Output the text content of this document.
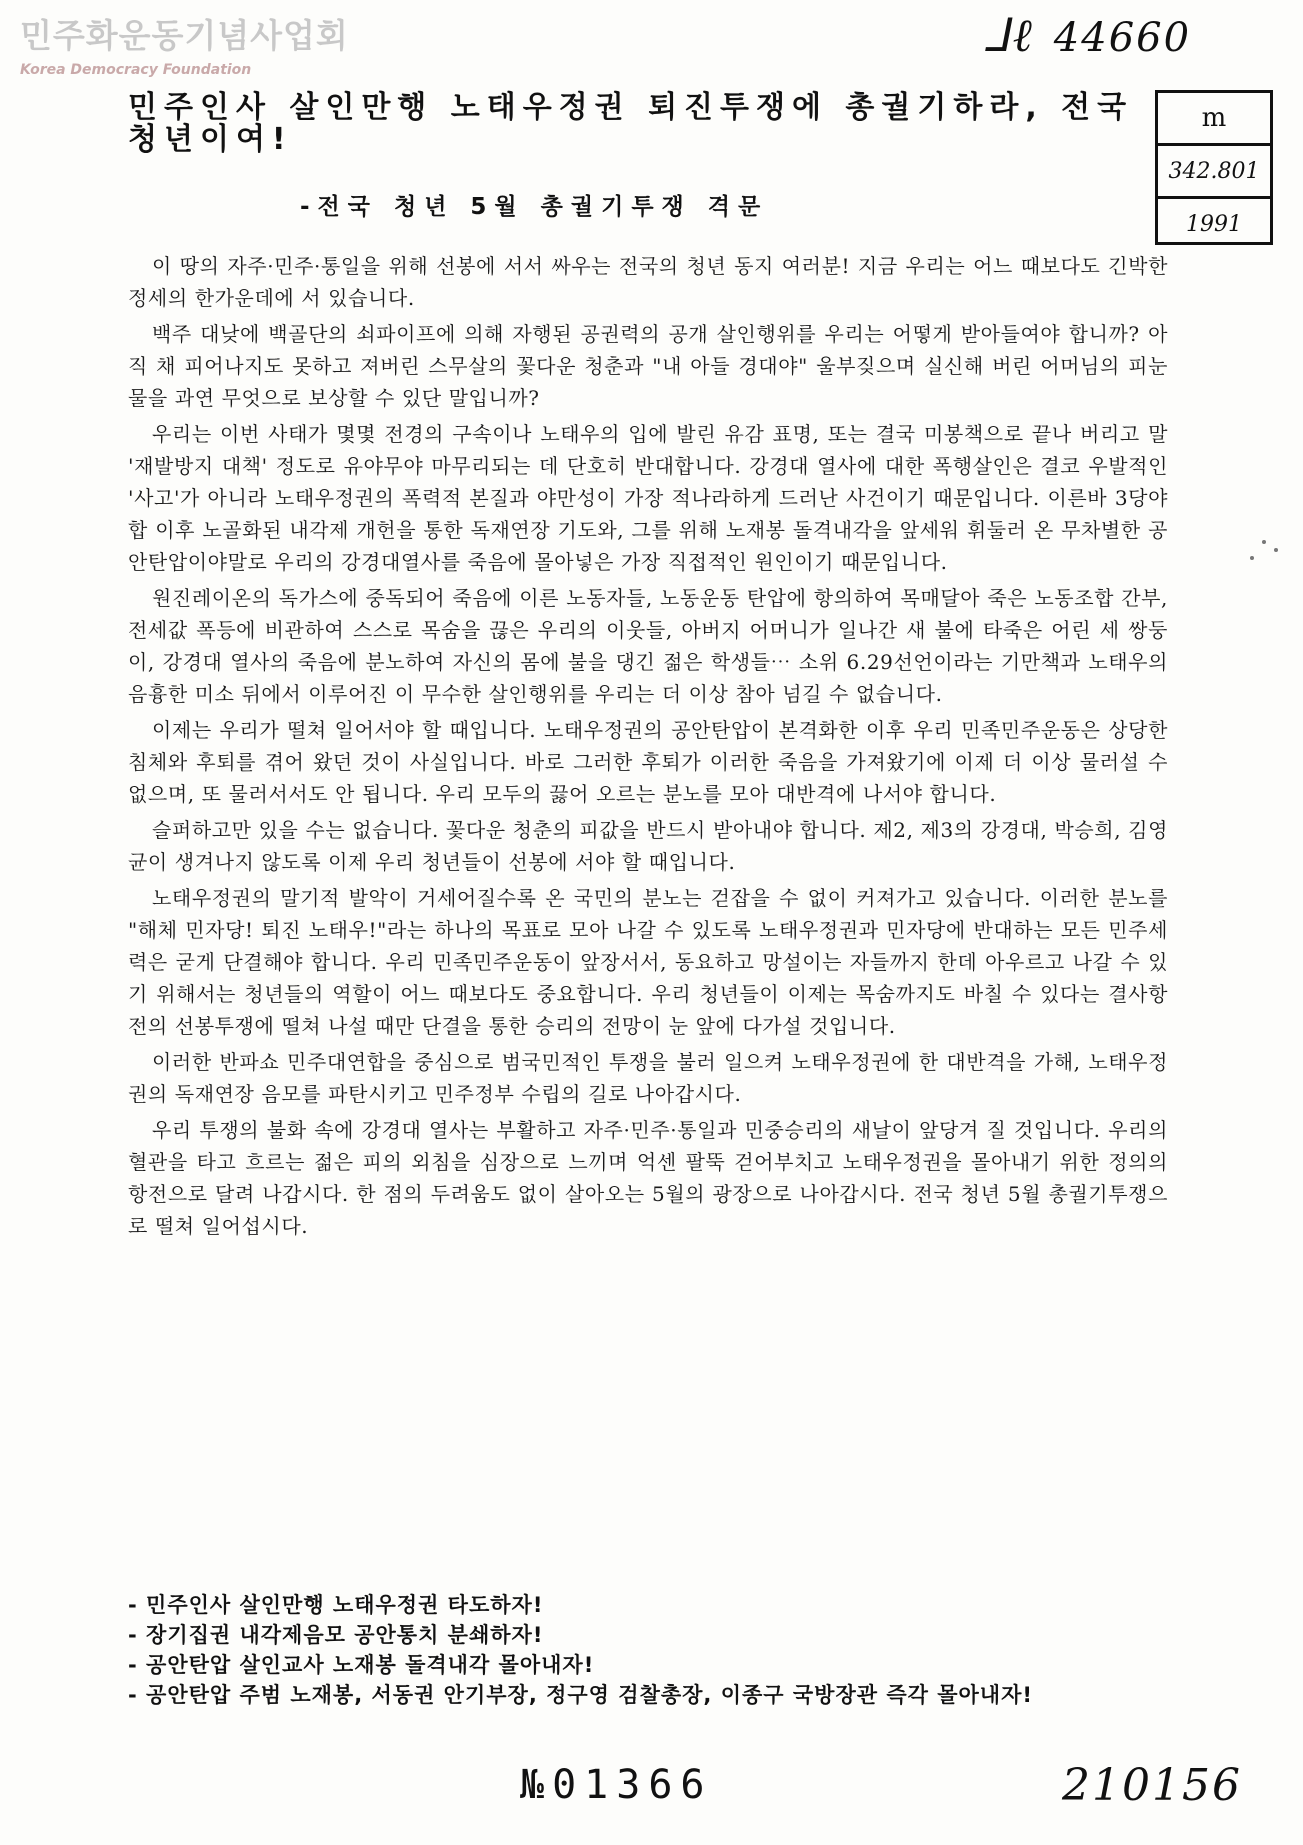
민주화운동기념사업회
Korea Democracy Foundation
⅃ℓ 44660
m
342.801
1991
민주인사 살인만행 노태우정권 퇴진투쟁에 총궐기하라, 전국 청년이여!
-전국 청년 5월 총궐기투쟁 격문

이 땅의 자주·민주·통일을 위해 선봉에 서서 싸우는 전국의 청년 동지 여러분! 지금 우리는 어느 때보다도 긴박한 정세의 한가운데에 서 있습니다.

백주 대낮에 백골단의 쇠파이프에 의해 자행된 공권력의 공개 살인행위를 우리는 어떻게 받아들여야 합니까? 아직 채 피어나지도 못하고 져버린 스무살의 꽃다운 청춘과 "내 아들 경대야" 울부짖으며 실신해 버린 어머님의 피눈물을 과연 무엇으로 보상할 수 있단 말입니까?

우리는 이번 사태가 몇몇 전경의 구속이나 노태우의 입에 발린 유감 표명, 또는 결국 미봉책으로 끝나 버리고 말 '재발방지 대책' 정도로 유야무야 마무리되는 데 단호히 반대합니다. 강경대 열사에 대한 폭행살인은 결코 우발적인 '사고'가 아니라 노태우정권의 폭력적 본질과 야만성이 가장 적나라하게 드러난 사건이기 때문입니다. 이른바 3당야합 이후 노골화된 내각제 개헌을 통한 독재연장 기도와, 그를 위해 노재봉 돌격내각을 앞세워 휘둘러 온 무차별한 공안탄압이야말로 우리의 강경대열사를 죽음에 몰아넣은 가장 직접적인 원인이기 때문입니다.

원진레이온의 독가스에 중독되어 죽음에 이른 노동자들, 노동운동 탄압에 항의하여 목매달아 죽은 노동조합 간부, 전세값 폭등에 비관하여 스스로 목숨을 끊은 우리의 이웃들, 아버지 어머니가 일나간 새 불에 타죽은 어린 세 쌍둥이, 강경대 열사의 죽음에 분노하여 자신의 몸에 불을 댕긴 젊은 학생들⋯ 소위 6.29선언이라는 기만책과 노태우의 음흉한 미소 뒤에서 이루어진 이 무수한 살인행위를 우리는 더 이상 참아 넘길 수 없습니다.

이제는 우리가 떨쳐 일어서야 할 때입니다. 노태우정권의 공안탄압이 본격화한 이후 우리 민족민주운동은 상당한 침체와 후퇴를 겪어 왔던 것이 사실입니다. 바로 그러한 후퇴가 이러한 죽음을 가져왔기에 이제 더 이상 물러설 수 없으며, 또 물러서서도 안 됩니다. 우리 모두의 끓어 오르는 분노를 모아 대반격에 나서야 합니다.

슬퍼하고만 있을 수는 없습니다. 꽃다운 청춘의 피값을 반드시 받아내야 합니다. 제2, 제3의 강경대, 박승희, 김영균이 생겨나지 않도록 이제 우리 청년들이 선봉에 서야 할 때입니다.

노태우정권의 말기적 발악이 거세어질수록 온 국민의 분노는 걷잡을 수 없이 커져가고 있습니다. 이러한 분노를 "해체 민자당! 퇴진 노태우!"라는 하나의 목표로 모아 나갈 수 있도록 노태우정권과 민자당에 반대하는 모든 민주세력은 굳게 단결해야 합니다. 우리 민족민주운동이 앞장서서, 동요하고 망설이는 자들까지 한데 아우르고 나갈 수 있기 위해서는 청년들의 역할이 어느 때보다도 중요합니다. 우리 청년들이 이제는 목숨까지도 바칠 수 있다는 결사항전의 선봉투쟁에 떨쳐 나설 때만 단결을 통한 승리의 전망이 눈 앞에 다가설 것입니다.

이러한 반파쇼 민주대연합을 중심으로 범국민적인 투쟁을 불러 일으켜 노태우정권에 한 대반격을 가해, 노태우정권의 독재연장 음모를 파탄시키고 민주정부 수립의 길로 나아갑시다.

우리 투쟁의 불화 속에 강경대 열사는 부활하고 자주·민주·통일과 민중승리의 새날이 앞당겨 질 것입니다. 우리의 혈관을 타고 흐르는 젊은 피의 외침을 심장으로 느끼며 억센 팔뚝 걷어부치고 노태우정권을 몰아내기 위한 정의의 항전으로 달려 나갑시다. 한 점의 두려움도 없이 살아오는 5월의 광장으로 나아갑시다. 전국 청년 5월 총궐기투쟁으로 떨쳐 일어섭시다.

- 민주인사 살인만행 노태우정권 타도하자!
- 장기집권 내각제음모 공안통치 분쇄하자!
- 공안탄압 살인교사 노재봉 돌격내각 몰아내자!
- 공안탄압 주범 노재봉, 서동권 안기부장, 정구영 검찰총장, 이종구 국방장관 즉각 몰아내자!
№01366	210156
